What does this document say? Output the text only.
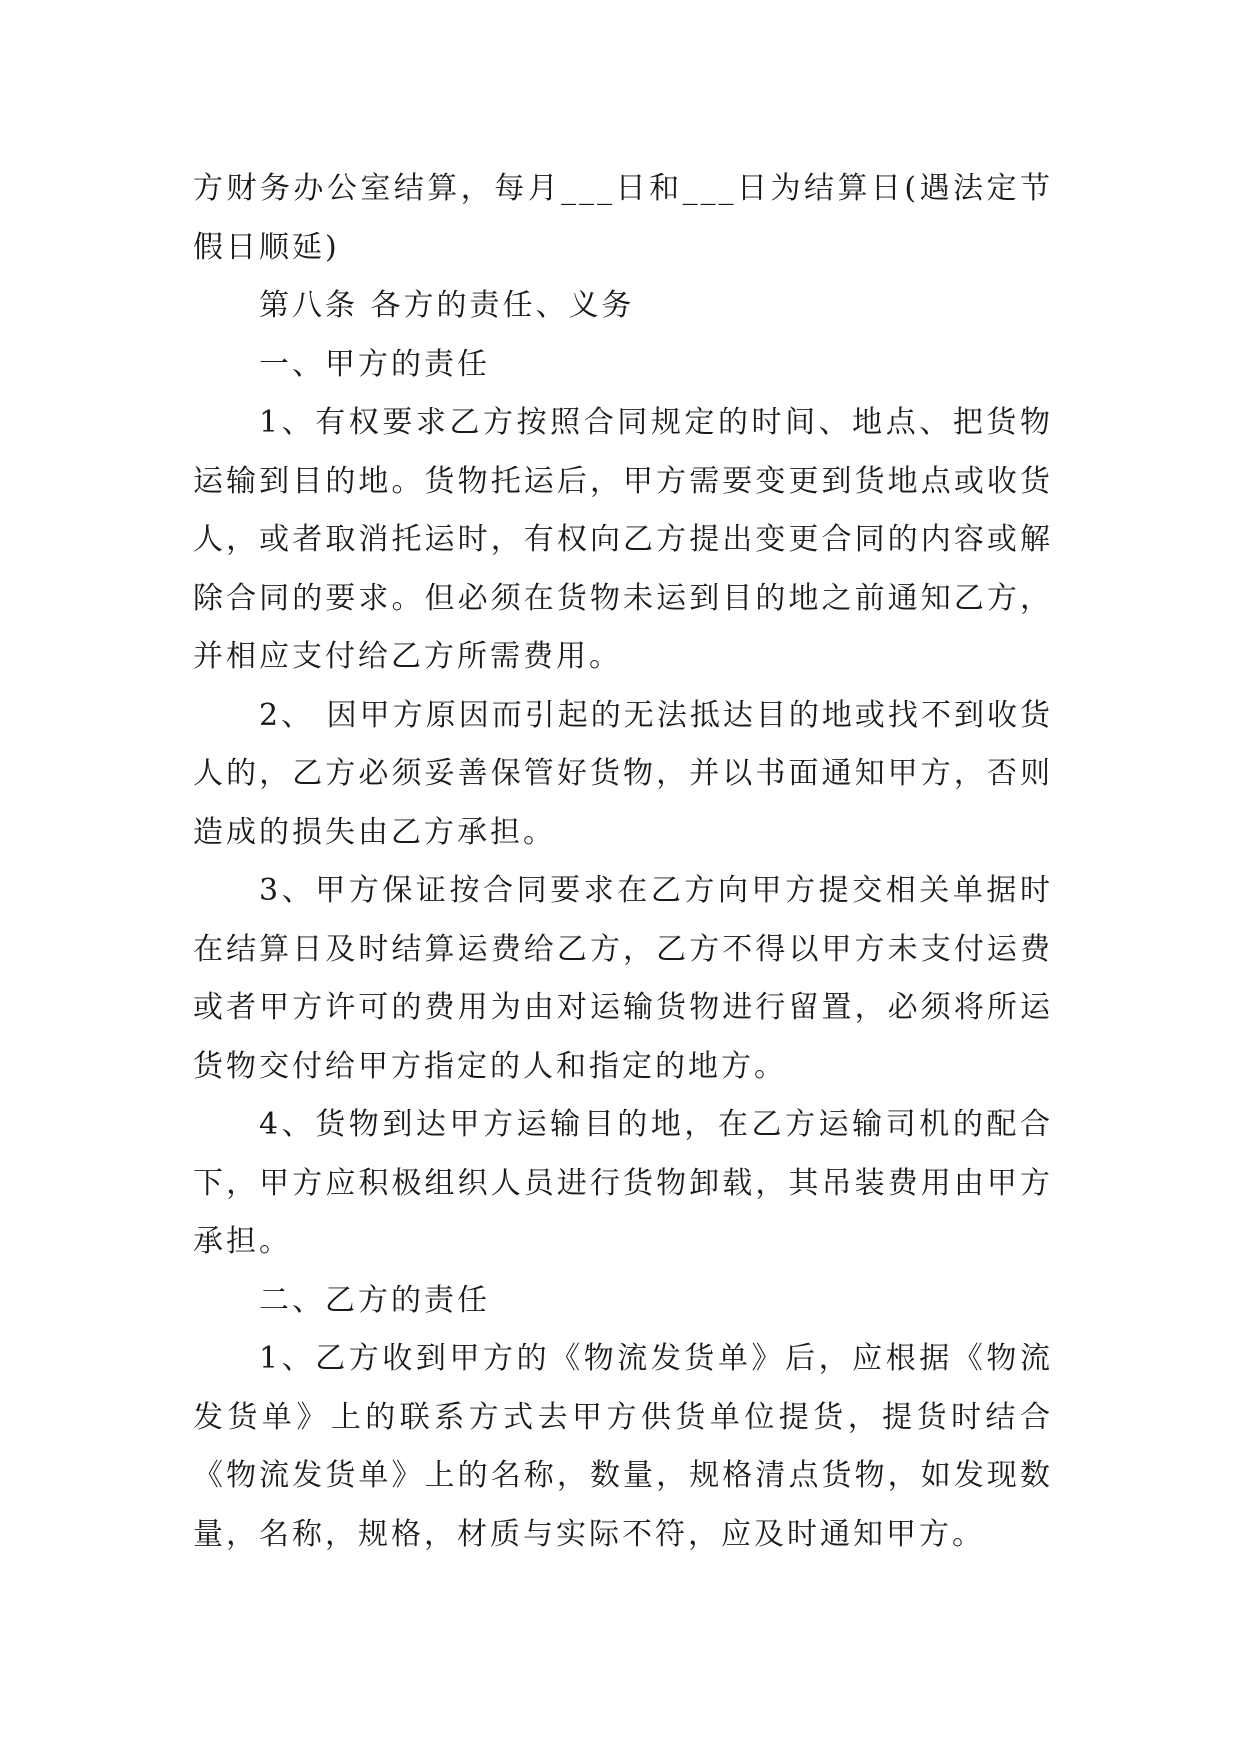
方财务办公室结算，每月___日和___日为结算日(遇法定节假日顺延)

第八条 各方的责任、义务

一、甲方的责任

1、有权要求乙方按照合同规定的时间、地点、把货物运输到目的地。货物托运后，甲方需要变更到货地点或收货人，或者取消托运时，有权向乙方提出变更合同的内容或解除合同的要求。但必须在货物未运到目的地之前通知乙方，并相应支付给乙方所需费用。

2、 因甲方原因而引起的无法抵达目的地或找不到收货人的，乙方必须妥善保管好货物，并以书面通知甲方，否则造成的损失由乙方承担。

3、甲方保证按合同要求在乙方向甲方提交相关单据时在结算日及时结算运费给乙方，乙方不得以甲方未支付运费或者甲方许可的费用为由对运输货物进行留置，必须将所运货物交付给甲方指定的人和指定的地方。

4、货物到达甲方运输目的地，在乙方运输司机的配合下，甲方应积极组织人员进行货物卸载，其吊装费用由甲方承担。

二、乙方的责任

1、乙方收到甲方的《物流发货单》后，应根据《物流发货单》上的联系方式去甲方供货单位提货，提货时结合《物流发货单》上的名称，数量，规格清点货物，如发现数量，名称，规格，材质与实际不符，应及时通知甲方。
